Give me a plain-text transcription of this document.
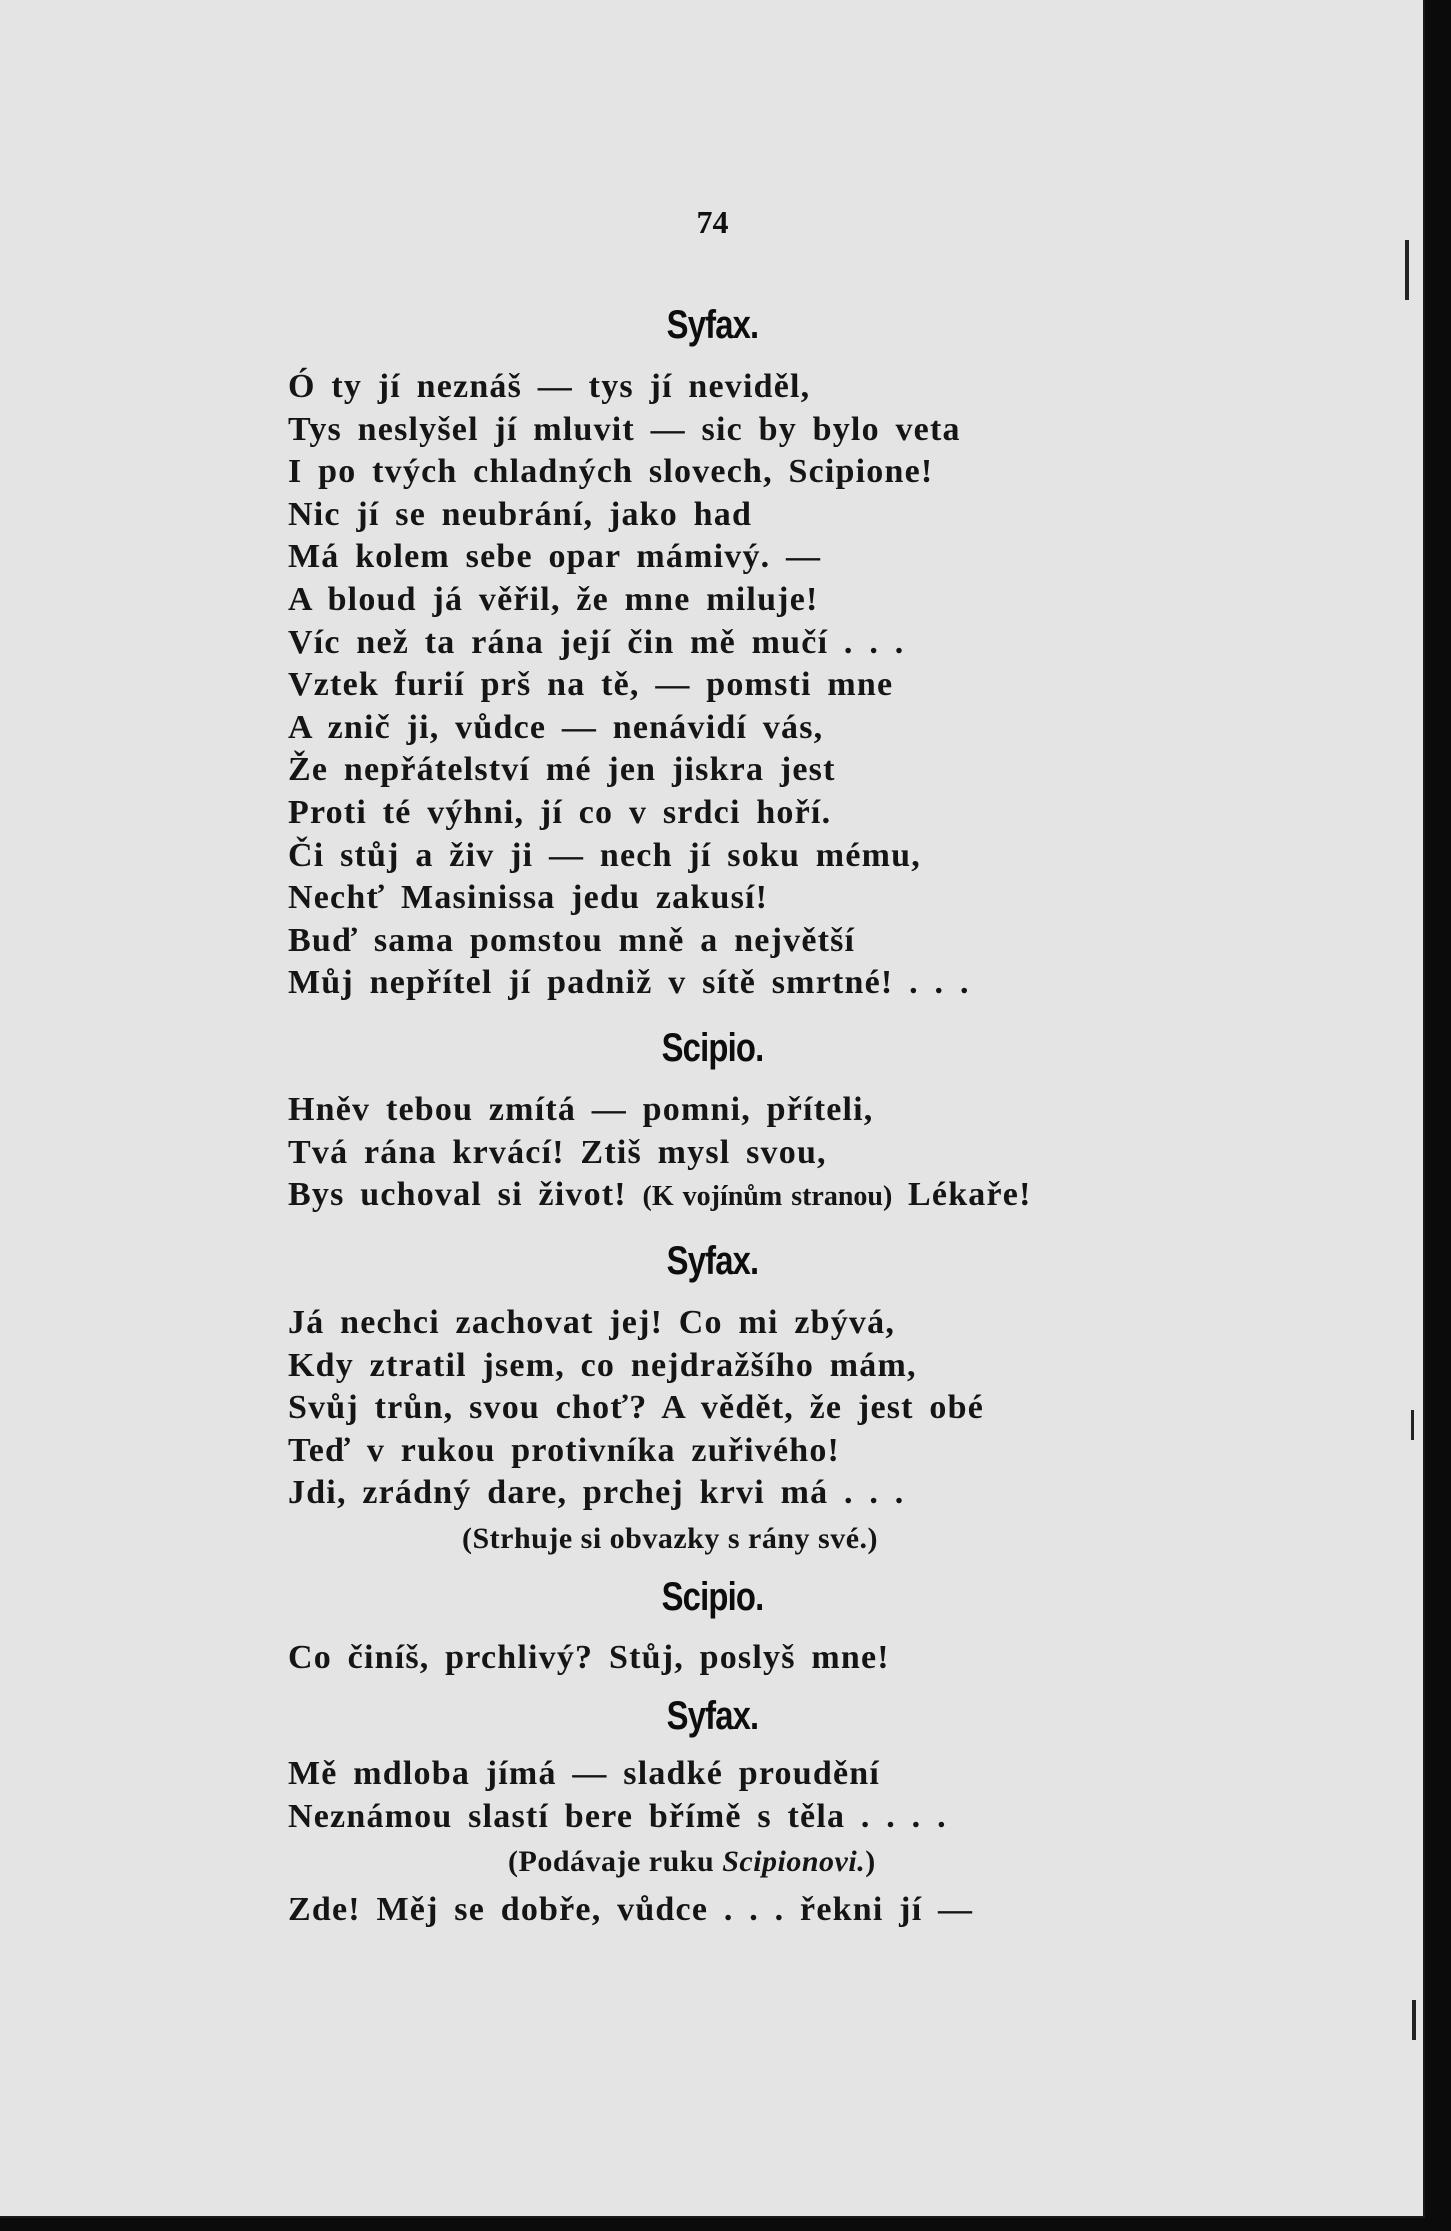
74
Syfax.
Ó ty jí neznáš — tys jí neviděl,
Tys neslyšel jí mluvit — sic by bylo veta
I po tvých chladných slovech, Scipione!
Nic jí se neubrání, jako had
Má kolem sebe opar mámivý. —
A bloud já věřil, že mne miluje!
Víc než ta rána její čin mě mučí . . .
Vztek furií prš na tě, — pomsti mne
A znič ji, vůdce — nenávidí vás,
Že nepřátelství mé jen jiskra jest
Proti té výhni, jí co v srdci hoří.
Či stůj a živ ji — nech jí soku mému,
Nechť Masinissa jedu zakusí!
Buď sama pomstou mně a největší
Můj nepřítel jí padniž v sítě smrtné! . . .
Scipio.
Hněv tebou zmítá — pomni, příteli,
Tvá rána krvácí! Ztiš mysl svou,
Bys uchoval si život! (K vojínům stranou) Lékaře!
Syfax.
Já nechci zachovat jej! Co mi zbývá,
Kdy ztratil jsem, co nejdražšího mám,
Svůj trůn, svou choť? A vědět, že jest obé
Teď v rukou protivníka zuřivého!
Jdi, zrádný dare, prchej krvi má . . .
(Strhuje si obvazky s rány své.)
Scipio.
Co činíš, prchlivý? Stůj, poslyš mne!
Syfax.
Mě mdloba jímá — sladké proudění
Neznámou slastí bere břímě s těla . . . .
(Podávaje ruku Scipionovi.)
Zde! Měj se dobře, vůdce . . . řekni jí —
